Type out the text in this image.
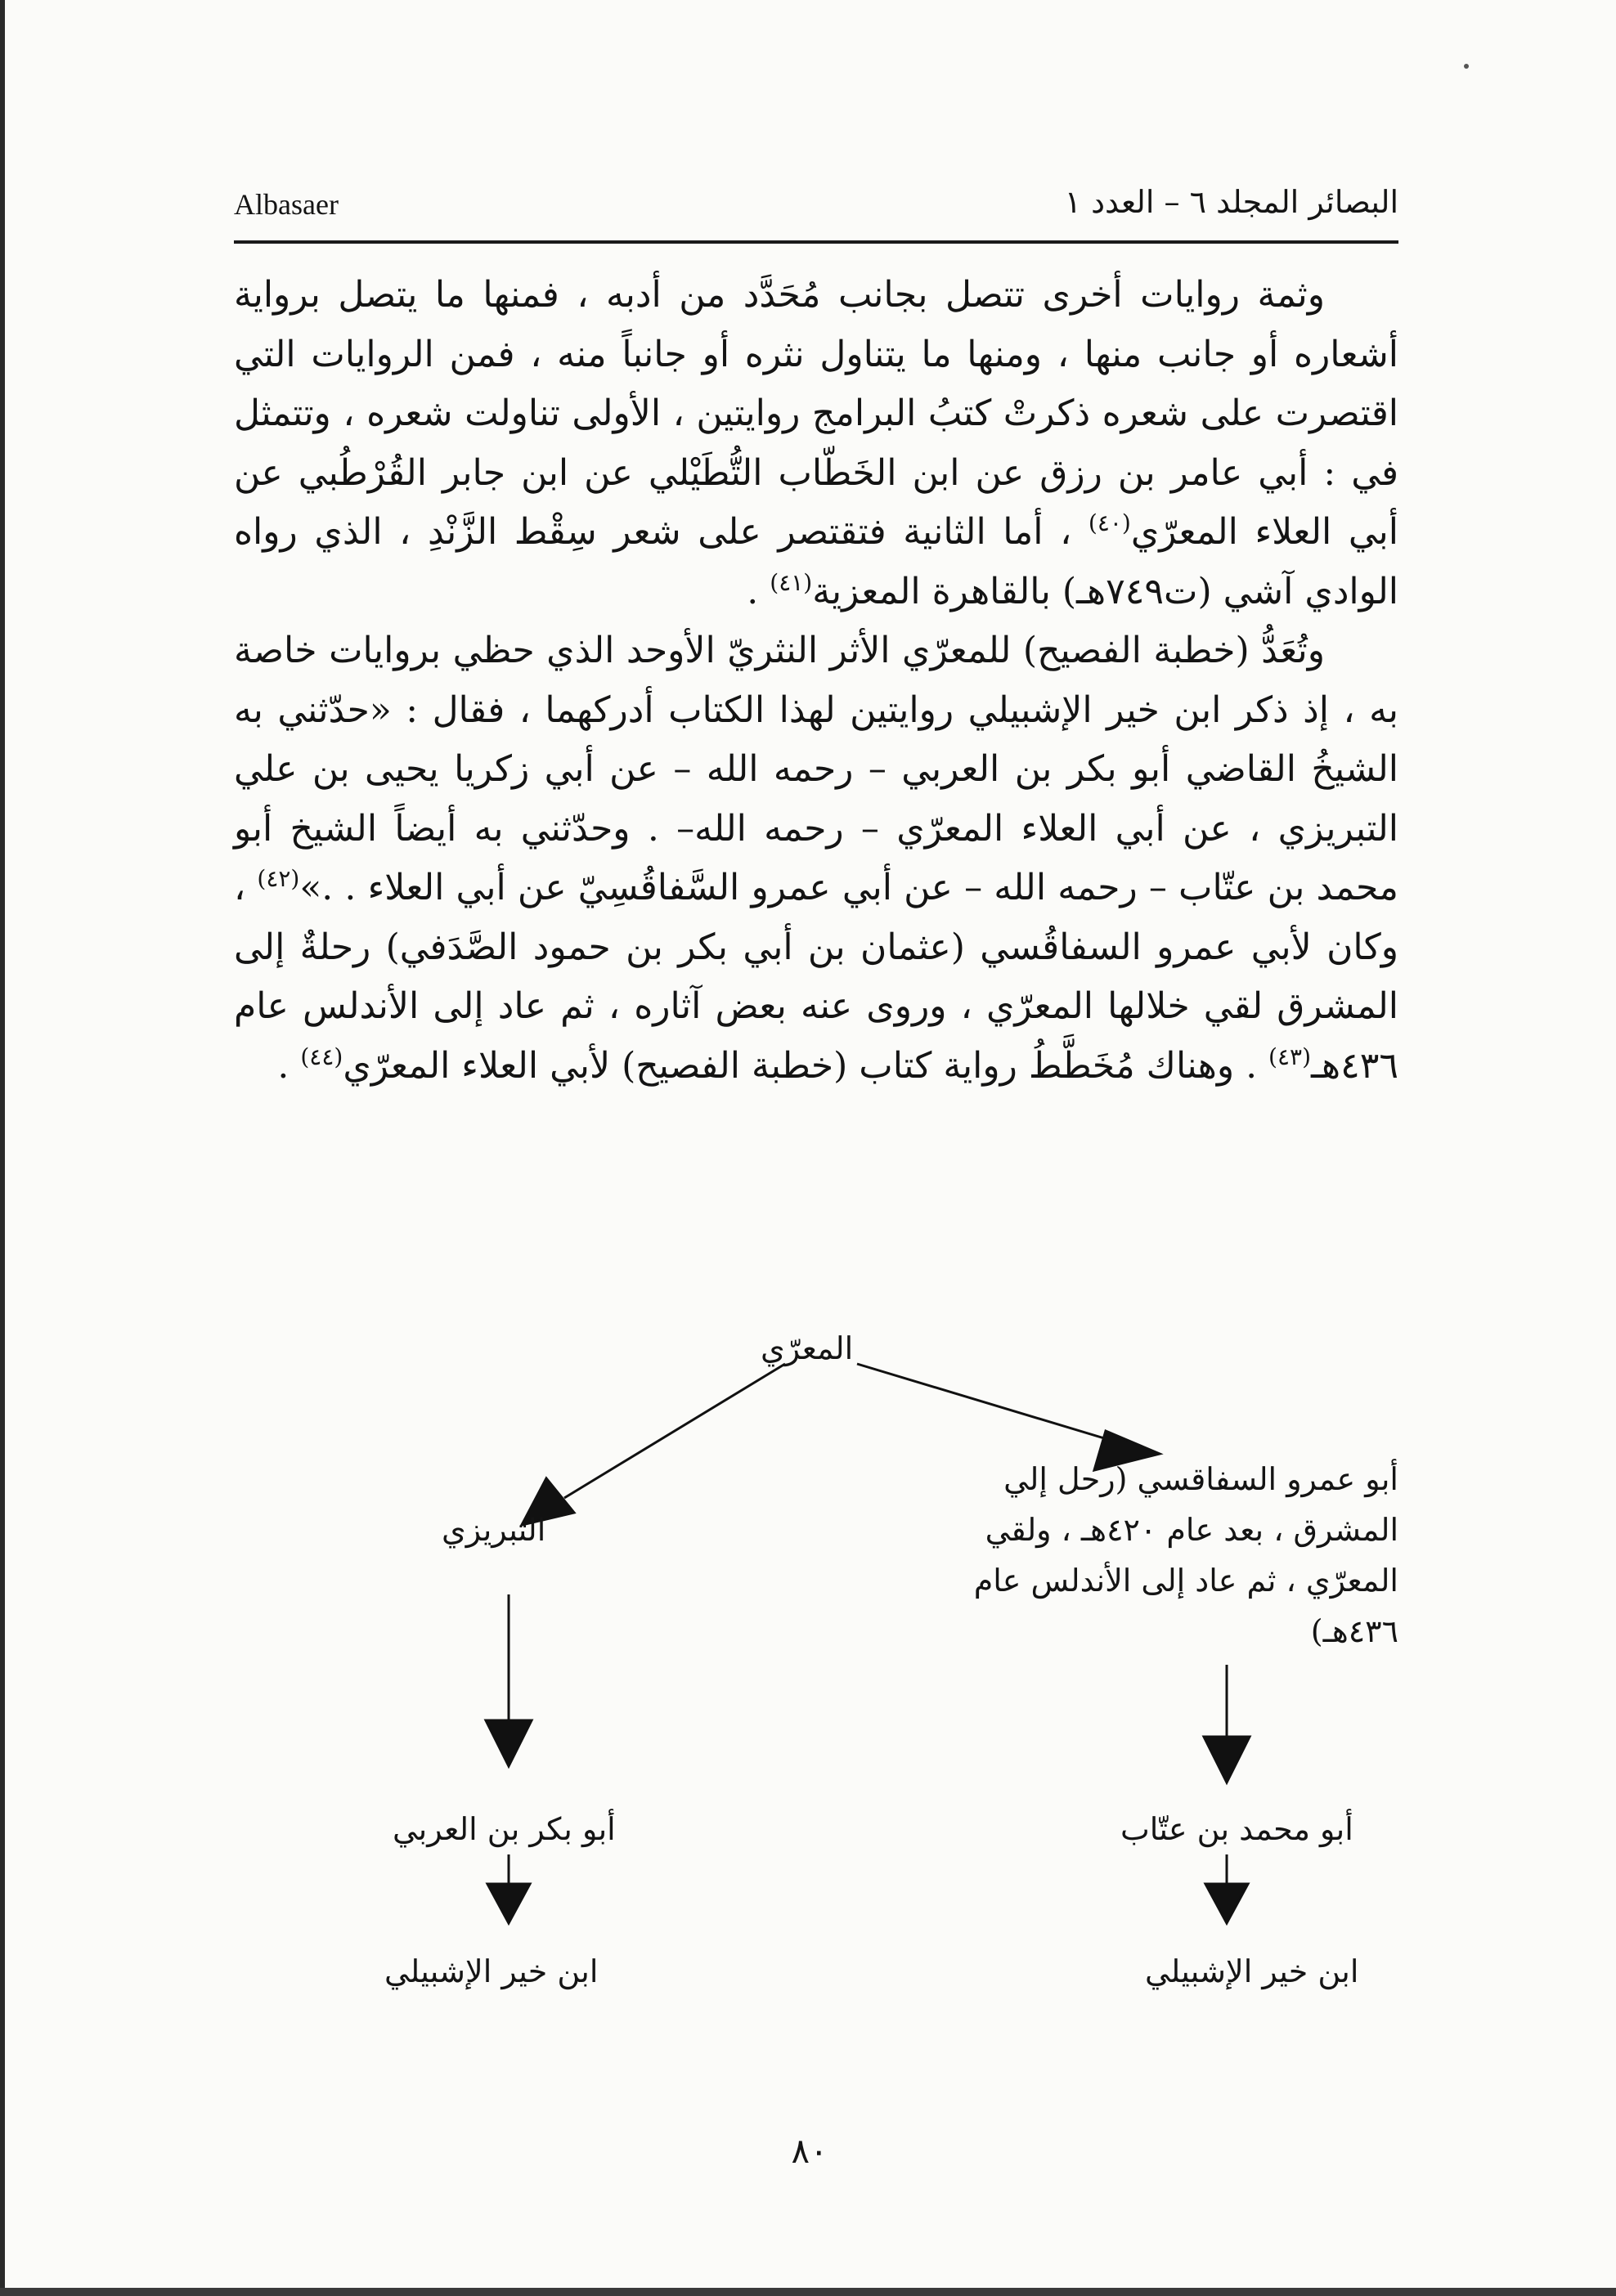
البصائر المجلد ٦ – العدد ١
Albasaer

وثمة روايات أخرى تتصل بجانب مُحَدَّد من أدبه ، فمنها ما يتصل برواية أشعاره أو جانب منها ، ومنها ما يتناول نثره أو جانباً منه ، فمن الروايات التي اقتصرت على شعره ذكرتْ كتبُ البرامج روايتين ، الأولى تناولت شعره ، وتتمثل في : أبي عامر بن رزق عن ابن الخَطّاب التُّطَيْلي عن ابن جابر القُرْطُبي عن أبي العلاء المعرّي$^{(٤٠)}$ ، أما الثانية فتقتصر على شعر سِقْط الزَّنْدِ ، الذي رواه الوادي آشي (ت٧٤٩هـ) بالقاهرة المعزية$^{(٤١)}$ .

وتُعَدُّ (خطبة الفصيح) للمعرّي الأثر النثريّ الأوحد الذي حظي بروايات خاصة به ، إذ ذكر ابن خير الإشبيلي روايتين لهذا الكتاب أدركهما ، فقال : «حدّثني به الشيخُ القاضي أبو بكر بن العربي – رحمه الله – عن أبي زكريا يحيى بن علي التبريزي ، عن أبي العلاء المعرّي – رحمه الله– . وحدّثني به أيضاً الشيخ أبو محمد بن عتّاب – رحمه الله – عن أبي عمرو السَّفاقُسِيّ عن أبي العلاء . .»$^{(٤٢)}$ ، وكان لأبي عمرو السفاقُسي (عثمان بن أبي بكر بن حمود الصَّدَفي) رحلةٌ إلى المشرق لقي خلالها المعرّي ، وروى عنه بعض آثاره ، ثم عاد إلى الأندلس عام ٤٣٦هـ$^{(٤٣)}$ . وهناك مُخَطَّطُ رواية كتاب (خطبة الفصيح) لأبي العلاء المعرّي$^{(٤٤)}$ .

المعرّي
أبو عمرو السفاقسي (رحل إلي
المشرق ، بعد عام ٤٢٠هـ ، ولقي
المعرّي ، ثم عاد إلى الأندلس عام ٤٣٦هـ)
التبريزي
أبو محمد بن عتّاب
أبو بكر بن العربي
ابن خير الإشبيلي
ابن خير الإشبيلي
٨٠
